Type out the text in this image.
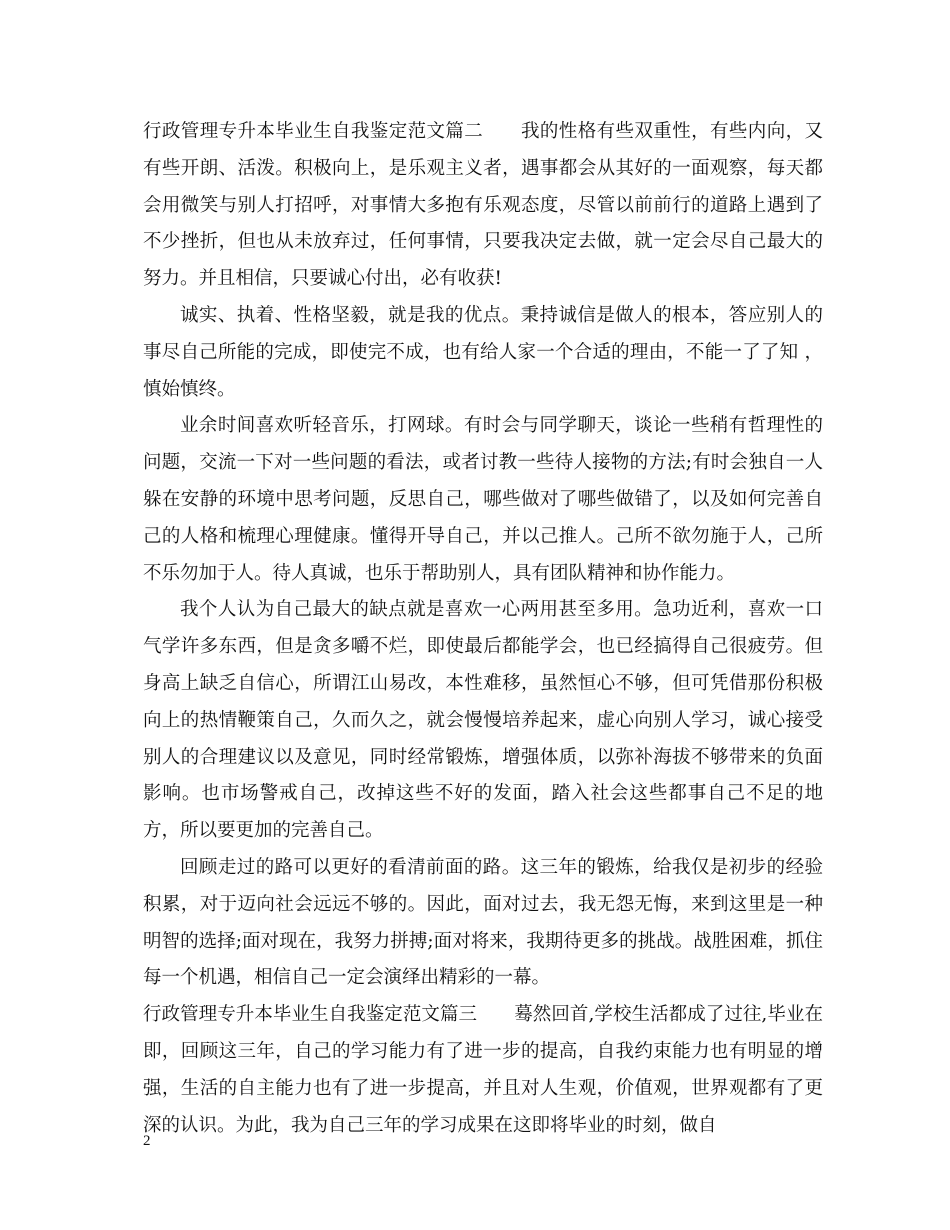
行政管理专升本毕业生自我鉴定范文篇二　　我的性格有些双重性，有些内向，又有些开朗、活泼。积极向上，是乐观主义者，遇事都会从其好的一面观察，每天都会用微笑与别人打招呼，对事情大多抱有乐观态度，尽管以前前行的道路上遇到了不少挫折，但也从未放弃过，任何事情，只要我决定去做，就一定会尽自己最大的努力。并且相信，只要诚心付出，必有收获!

诚实、执着、性格坚毅，就是我的优点。秉持诚信是做人的根本，答应别人的事尽自己所能的完成，即使完不成，也有给人家一个合适的理由，不能一了了知 ，慎始慎终。

业余时间喜欢听轻音乐，打网球。有时会与同学聊天，谈论一些稍有哲理性的问题，交流一下对一些问题的看法，或者讨教一些待人接物的方法;有时会独自一人躲在安静的环境中思考问题，反思自己，哪些做对了哪些做错了，以及如何完善自己的人格和梳理心理健康。懂得开导自己，并以己推人。己所不欲勿施于人，己所不乐勿加于人。待人真诚，也乐于帮助别人，具有团队精神和协作能力。

我个人认为自己最大的缺点就是喜欢一心两用甚至多用。急功近利，喜欢一口气学许多东西，但是贪多嚼不烂，即使最后都能学会，也已经搞得自己很疲劳。但身高上缺乏自信心，所谓江山易改，本性难移，虽然恒心不够，但可凭借那份积极向上的热情鞭策自己，久而久之，就会慢慢培养起来，虚心向别人学习，诚心接受别人的合理建议以及意见，同时经常锻炼，增强体质，以弥补海拔不够带来的负面影响。也市场警戒自己，改掉这些不好的发面，踏入社会这些都事自己不足的地方，所以要更加的完善自己。

回顾走过的路可以更好的看清前面的路。这三年的锻炼，给我仅是初步的经验积累，对于迈向社会远远不够的。因此，面对过去，我无怨无悔，来到这里是一种明智的选择;面对现在，我努力拼搏;面对将来，我期待更多的挑战。战胜困难，抓住每一个机遇，相信自己一定会演绎出精彩的一幕。

行政管理专升本毕业生自我鉴定范文篇三　　蓦然回首,学校生活都成了过往,毕业在即，回顾这三年，自己的学习能力有了进一步的提高，自我约束能力也有明显的增强，生活的自主能力也有了进一步提高，并且对人生观，价值观，世界观都有了更深的认识。为此，我为自己三年的学习成果在这即将毕业的时刻，做自

2
